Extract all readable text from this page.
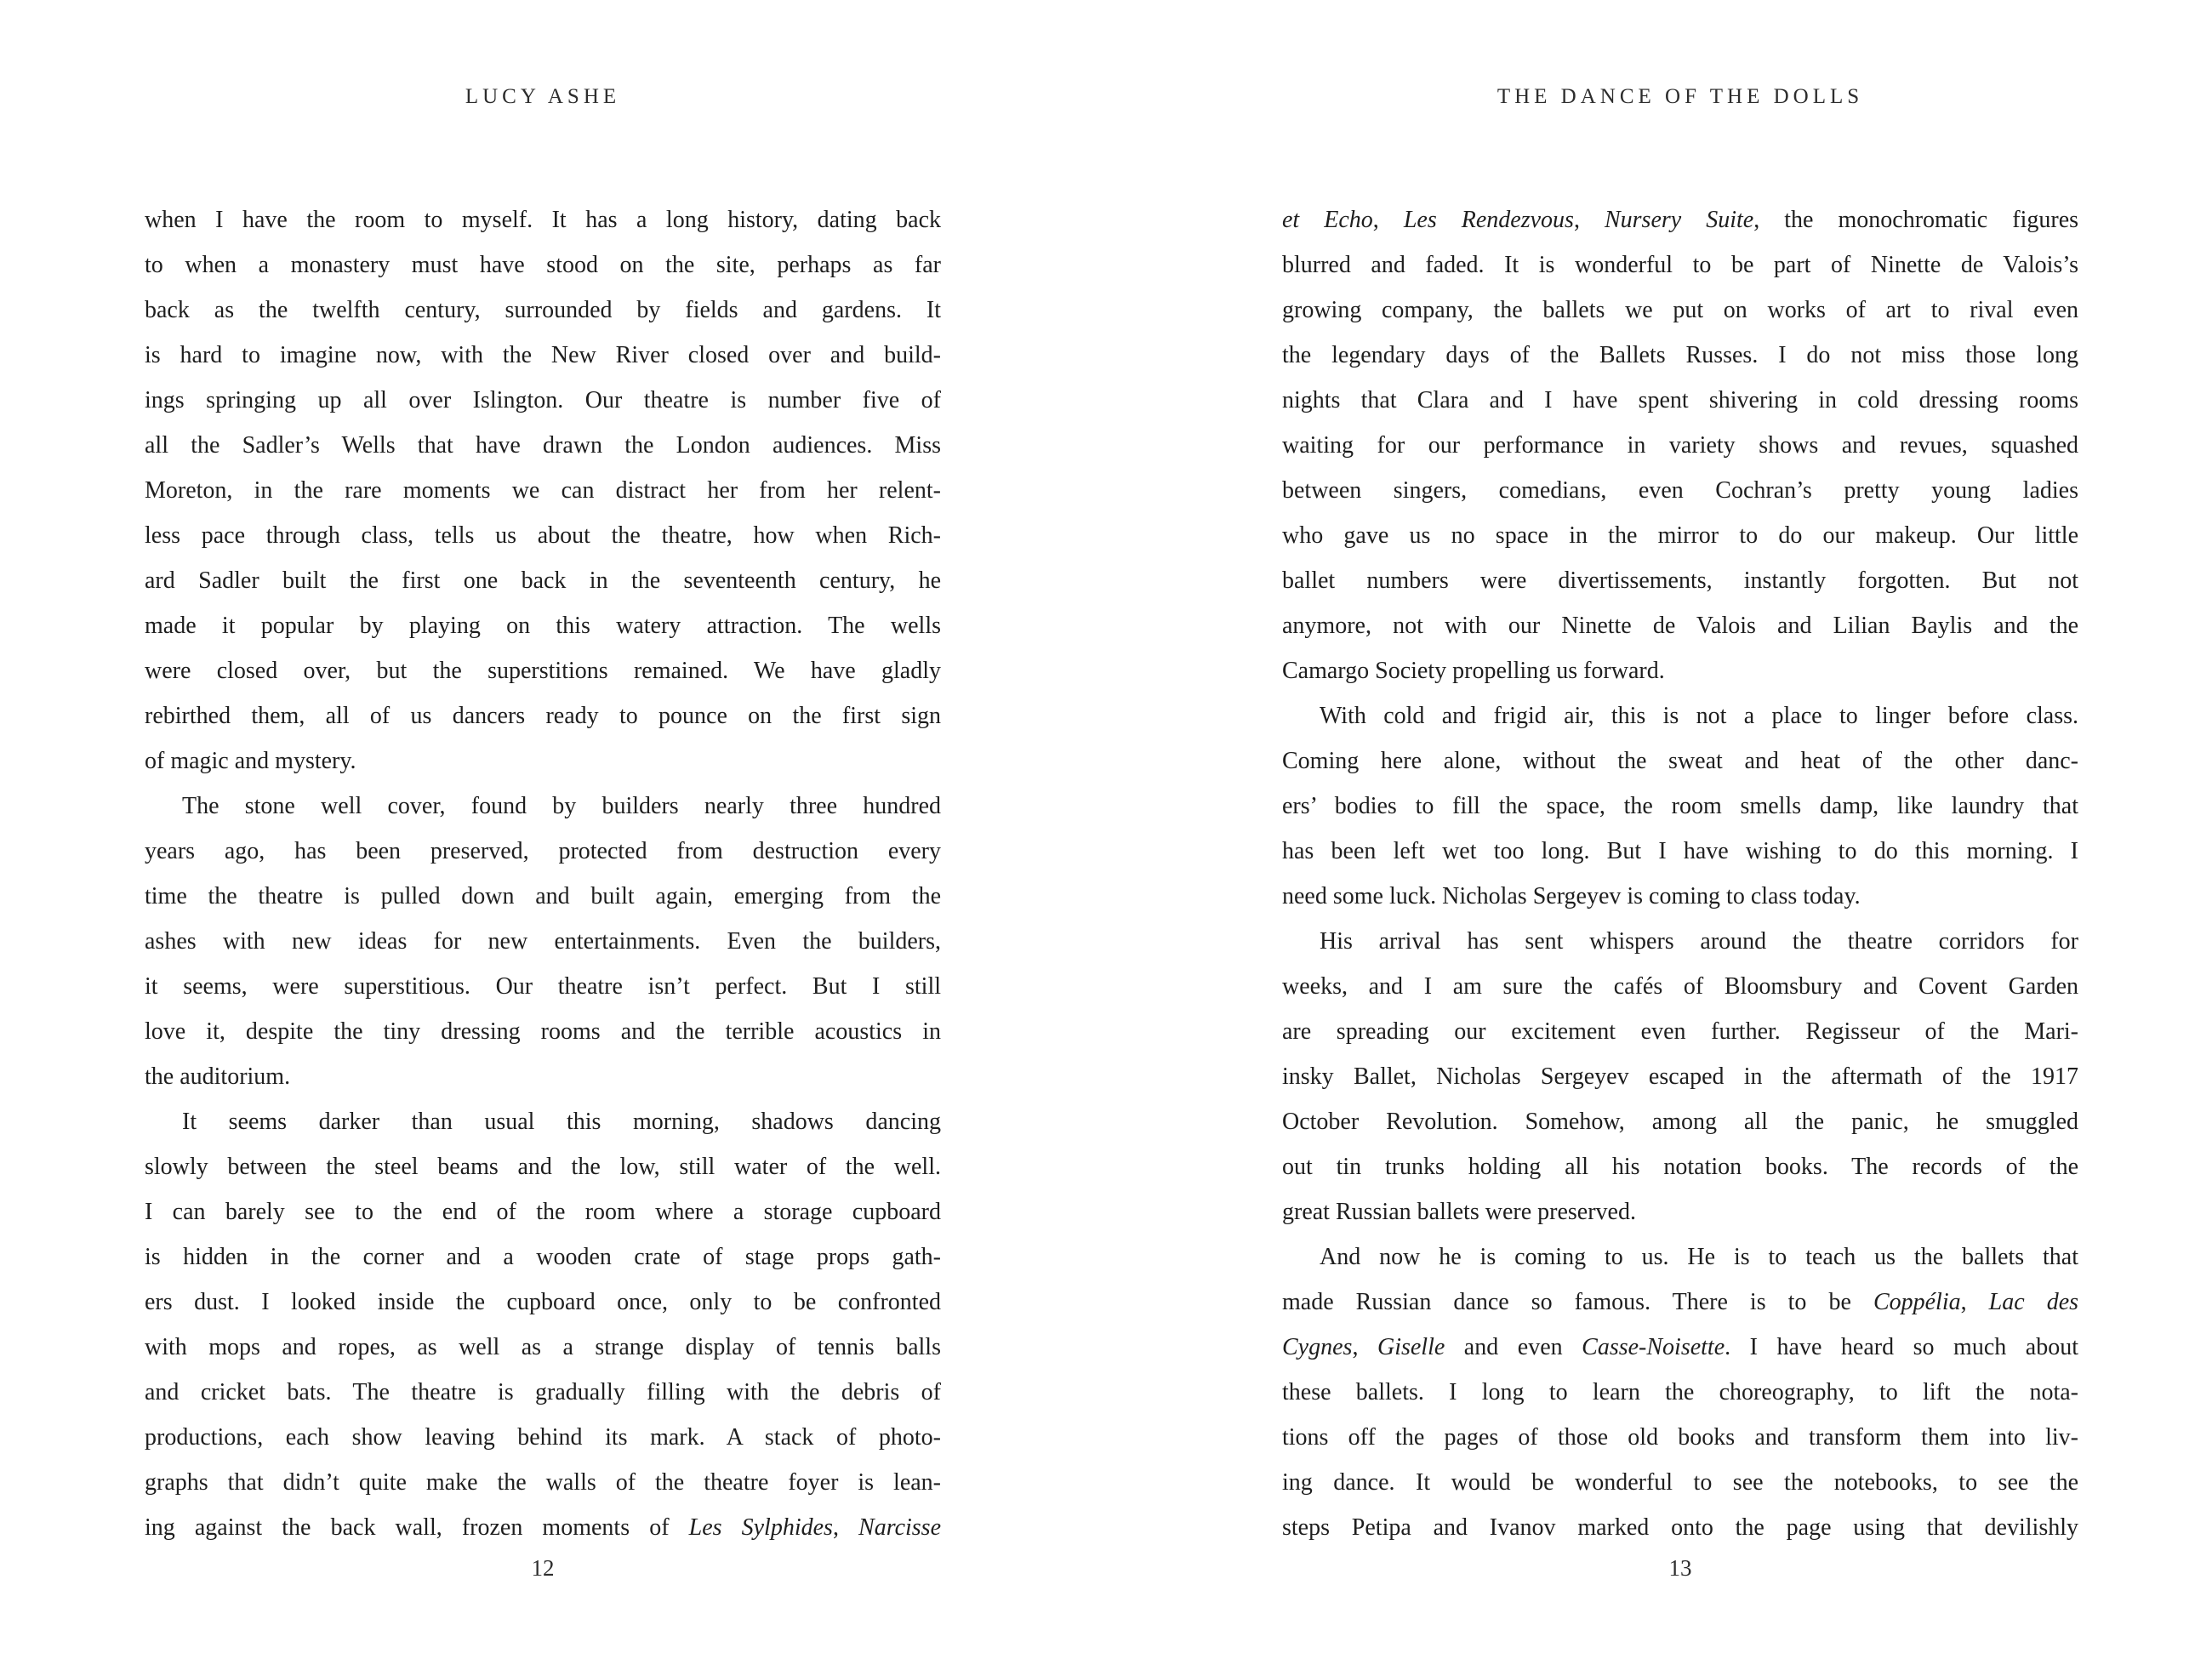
LUCY ASHE
when I have the room to myself. It has a long history, dating back
to when a monastery must have stood on the site, perhaps as far
back as the twelfth century, surrounded by fields and gardens. It
is hard to imagine now, with the New River closed over and build-
ings springing up all over Islington. Our theatre is number five of
all the Sadler’s Wells that have drawn the London audiences. Miss
Moreton, in the rare moments we can distract her from her relent-
less pace through class, tells us about the theatre, how when Rich-
ard Sadler built the first one back in the seventeenth century, he
made it popular by playing on this watery attraction. The wells
were closed over, but the superstitions remained. We have gladly
rebirthed them, all of us dancers ready to pounce on the first sign
of magic and mystery.
The stone well cover, found by builders nearly three hundred
years ago, has been preserved, protected from destruction every
time the theatre is pulled down and built again, emerging from the
ashes with new ideas for new entertainments. Even the builders,
it seems, were superstitious. Our theatre isn’t perfect. But I still
love it, despite the tiny dressing rooms and the terrible acoustics in
the auditorium.
It seems darker than usual this morning, shadows dancing
slowly between the steel beams and the low, still water of the well.
I can barely see to the end of the room where a storage cupboard
is hidden in the corner and a wooden crate of stage props gath-
ers dust. I looked inside the cupboard once, only to be confronted
with mops and ropes, as well as a strange display of tennis balls
and cricket bats. The theatre is gradually filling with the debris of
productions, each show leaving behind its mark. A stack of photo-
graphs that didn’t quite make the walls of the theatre foyer is lean-
ing against the back wall, frozen moments of Les Sylphides, Narcisse
12
THE DANCE OF THE DOLLS
et Echo, Les Rendezvous, Nursery Suite, the monochromatic figures
blurred and faded. It is wonderful to be part of Ninette de Valois’s
growing company, the ballets we put on works of art to rival even
the legendary days of the Ballets Russes. I do not miss those long
nights that Clara and I have spent shivering in cold dressing rooms
waiting for our performance in variety shows and revues, squashed
between singers, comedians, even Cochran’s pretty young ladies
who gave us no space in the mirror to do our makeup. Our little
ballet numbers were divertissements, instantly forgotten. But not
anymore, not with our Ninette de Valois and Lilian Baylis and the
Camargo Society propelling us forward.
With cold and frigid air, this is not a place to linger before class.
Coming here alone, without the sweat and heat of the other danc-
ers’ bodies to fill the space, the room smells damp, like laundry that
has been left wet too long. But I have wishing to do this morning. I
need some luck. Nicholas Sergeyev is coming to class today.
His arrival has sent whispers around the theatre corridors for
weeks, and I am sure the cafés of Bloomsbury and Covent Garden
are spreading our excitement even further. Regisseur of the Mari-
insky Ballet, Nicholas Sergeyev escaped in the aftermath of the 1917
October Revolution. Somehow, among all the panic, he smuggled
out tin trunks holding all his notation books. The records of the
great Russian ballets were preserved.
And now he is coming to us. He is to teach us the ballets that
made Russian dance so famous. There is to be Coppélia, Lac des
Cygnes, Giselle and even Casse-Noisette. I have heard so much about
these ballets. I long to learn the choreography, to lift the nota-
tions off the pages of those old books and transform them into liv-
ing dance. It would be wonderful to see the notebooks, to see the
steps Petipa and Ivanov marked onto the page using that devilishly
13
